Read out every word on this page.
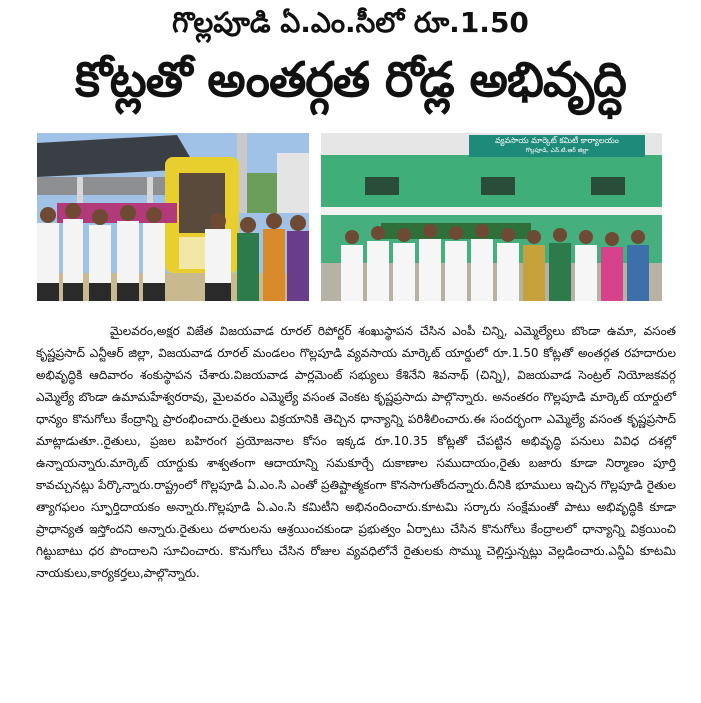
గొల్లపూడి ఏ.ఎం.సీలో రూ.1.50
కోట్లతో అంతర్గత రోడ్ల అభివృద్ధి
వ్యవసాయ మార్కెట్ కమిటీ కార్యాలయం
గొల్లపూడి, ఎన్.టి.ఆర్ జిల్లా
మైలవరం,అక్షర విజేత విజయవాడ రూరల్ రిపోర్టర్ శంఖుస్థాపన చేసిన ఎంపీ చిన్ని, ఎమ్మెల్యేలు బొండా ఉమా, వసంత కృష్ణప్రసాద్ ఎన్టీఆర్ జిల్లా, విజయవాడ రూరల్ మండలం గొల్లపూడి వ్యవసాయ మార్కెట్ యార్డులో రూ.1.50 కోట్లతో అంతర్గత రహదారుల అభివృద్ధికి ఆదివారం శంకుస్థాపన చేశారు.విజయవాడ పార్లమెంట్ సభ్యులు కేశినేని శివనాథ్ (చిన్ని), విజయవాడ సెంట్రల్ నియోజకవర్గ ఎమ్మెల్యే బొండా ఉమామహేశ్వరరావు, మైలవరం ఎమ్మెల్యే వసంత వెంకట కృష్ణప్రసాదు పాల్గొన్నారు. అనంతరం గొల్లపూడి మార్కెట్ యార్డులో ధాన్యం కొనుగోలు కేంద్రాన్ని ప్రారంభించారు.రైతులు విక్రయానికి తెచ్చిన ధాన్యాన్ని పరిశీలించారు.ఈ సందర్భంగా ఎమ్మెల్యే వసంత కృష్ణప్రసాద్ మాట్లాడుతూ..రైతులు, ప్రజల బహిరంగ ప్రయోజనాల కోసం ఇక్కడ రూ.10.35 కోట్లతో చేపట్టిన అభివృద్ధి పనులు వివిధ దశల్లో ఉన్నాయన్నారు.మార్కెట్ యార్డుకు శాశ్వతంగా ఆదాయాన్ని సమకూర్చే దుకాణాల సముదాయం,రైతు బజారు కూడా నిర్మాణం పూర్తి కావచ్చునట్లు పేర్కొన్నారు.రాష్ట్రంలో గొల్లపూడి ఏ.ఎం.సి ఎంతో ప్రతిష్టాత్మకంగా కొనసాగుతోందన్నారు.దీనికి భూములు ఇచ్చిన గొల్లపూడి రైతుల త్యాగఫలం స్ఫూర్తిదాయకం అన్నారు.గొల్లపూడి ఏ.ఎం.సి కమిటీని అభినందించారు.కూటమి సర్కారు సంక్షేమంతో పాటు అభివృద్ధికి కూడా ప్రాధాన్యత ఇస్తోందని అన్నారు.రైతులు దళారులను ఆశ్రయించకుండా ప్రభుత్వం ఏర్పాటు చేసిన కొనుగోలు కేంద్రాలలో ధాన్యాన్ని విక్రయించి గిట్టుబాటు ధర పొందాలని సూచించారు. కొనుగోలు చేసిన రోజుల వ్యవధిలోనే రైతులకు సొమ్ము చెల్లిస్తున్నట్లు వెల్లడించారు.ఎన్డీఏ కూటమి నాయకులు,కార్యకర్తలు,పాల్గొన్నారు.
